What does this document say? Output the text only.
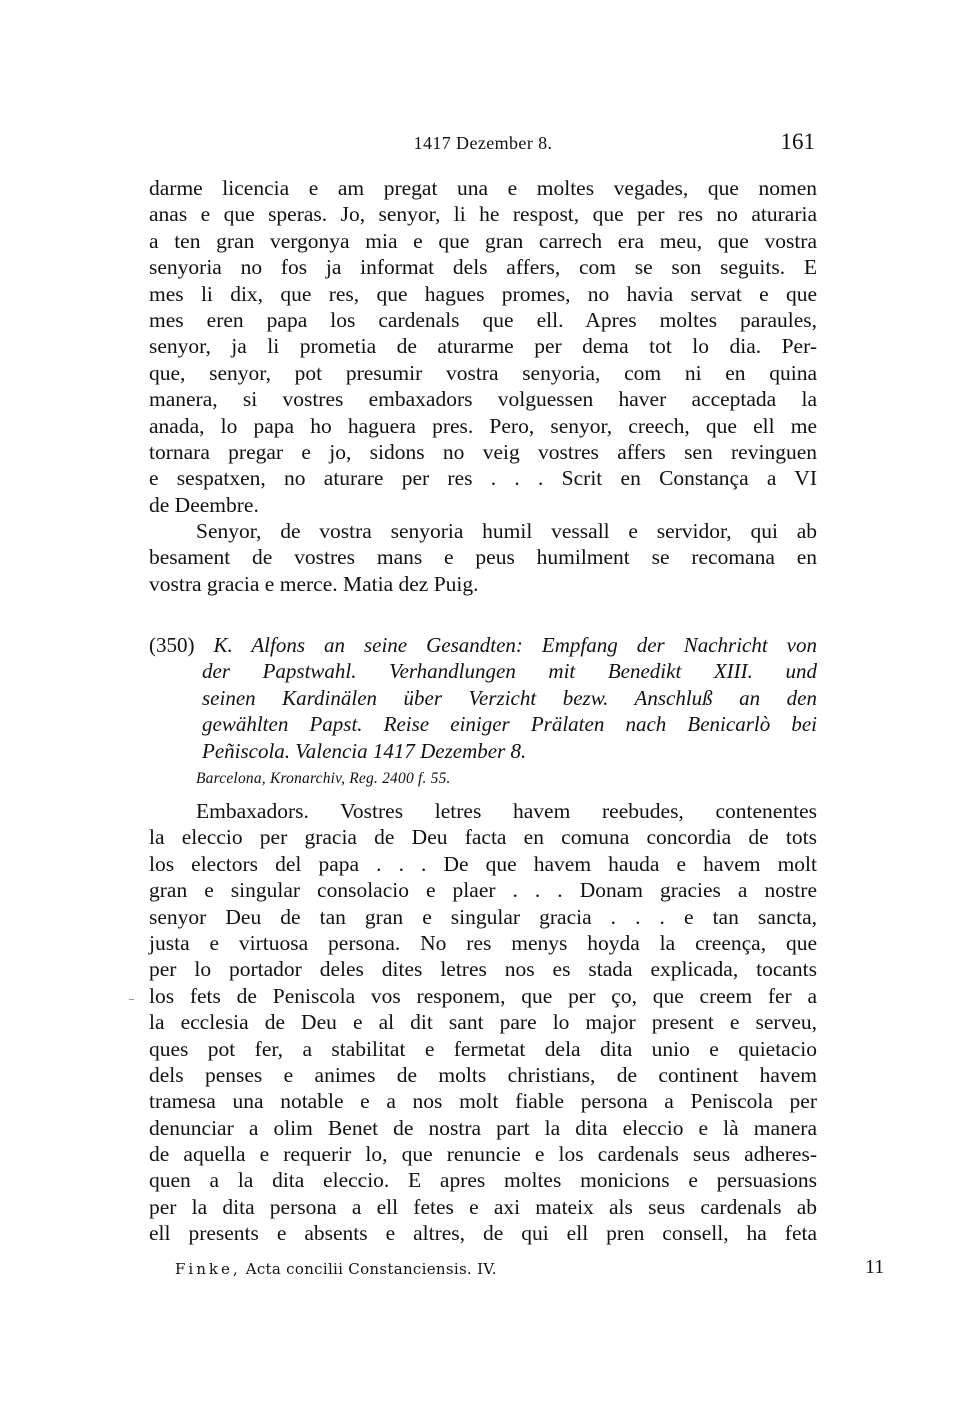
1417 Dezember 8.	161
darme licencia e am pregat una e moltes vegades, que nomen
anas e que speras. Jo, senyor, li he respost, que per res no aturaria
a ten gran vergonya mia e que gran carrech era meu, que vostra
senyoria no fos ja informat dels affers, com se son seguits. E
mes li dix, que res, que hagues promes, no havia servat e que
mes eren papa los cardenals que ell. Apres moltes paraules,
senyor, ja li prometia de aturarme per dema tot lo dia. Per-
que, senyor, pot presumir vostra senyoria, com ni en quina
manera, si vostres embaxadors volguessen haver acceptada la
anada, lo papa ho haguera pres. Pero, senyor, creech, que ell me
tornara pregar e jo, sidons no veig vostres affers sen revinguen
e sespatxen, no aturare per res . . . Scrit en Constança a VI
de Deembre.
Senyor, de vostra senyoria humil vessall e servidor, qui ab
besament de vostres mans e peus humilment se recomana en
vostra gracia e merce. Matia dez Puig.
(350) K. Alfons an seine Gesandten: Empfang der Nachricht von
der Papstwahl. Verhandlungen mit Benedikt XIII. und
seinen Kardinälen über Verzicht bezw. Anschluß an den
gewählten Papst. Reise einiger Prälaten nach Benicarlò bei
Peñiscola. Valencia 1417 Dezember 8.
Barcelona, Kronarchiv, Reg. 2400 f. 55.
Embaxadors. Vostres letres havem reebudes, contenentes
la eleccio per gracia de Deu facta en comuna concordia de tots
los electors del papa . . . De que havem hauda e havem molt
gran e singular consolacio e plaer . . . Donam gracies a nostre
senyor Deu de tan gran e singular gracia . . . e tan sancta,
justa e virtuosa persona. No res menys hoyda la creença, que
per lo portador deles dites letres nos es stada explicada, tocants
los fets de Peniscola vos responem, que per ço, que creem fer a
la ecclesia de Deu e al dit sant pare lo major present e serveu,
ques pot fer, a stabilitat e fermetat dela dita unio e quietacio
dels penses e animes de molts christians, de continent havem
tramesa una notable e a nos molt fiable persona a Peniscola per
denunciar a olim Benet de nostra part la dita eleccio e là manera
de aquella e requerir lo, que renuncie e los cardenals seus adheres-
quen a la dita eleccio. E apres moltes monicions e persuasions
per la dita persona a ell fetes e axi mateix als seus cardenals ab
ell presents e absents e altres, de qui ell pren consell, ha feta
Finke, Acta concilii Constanciensis. IV.	11
